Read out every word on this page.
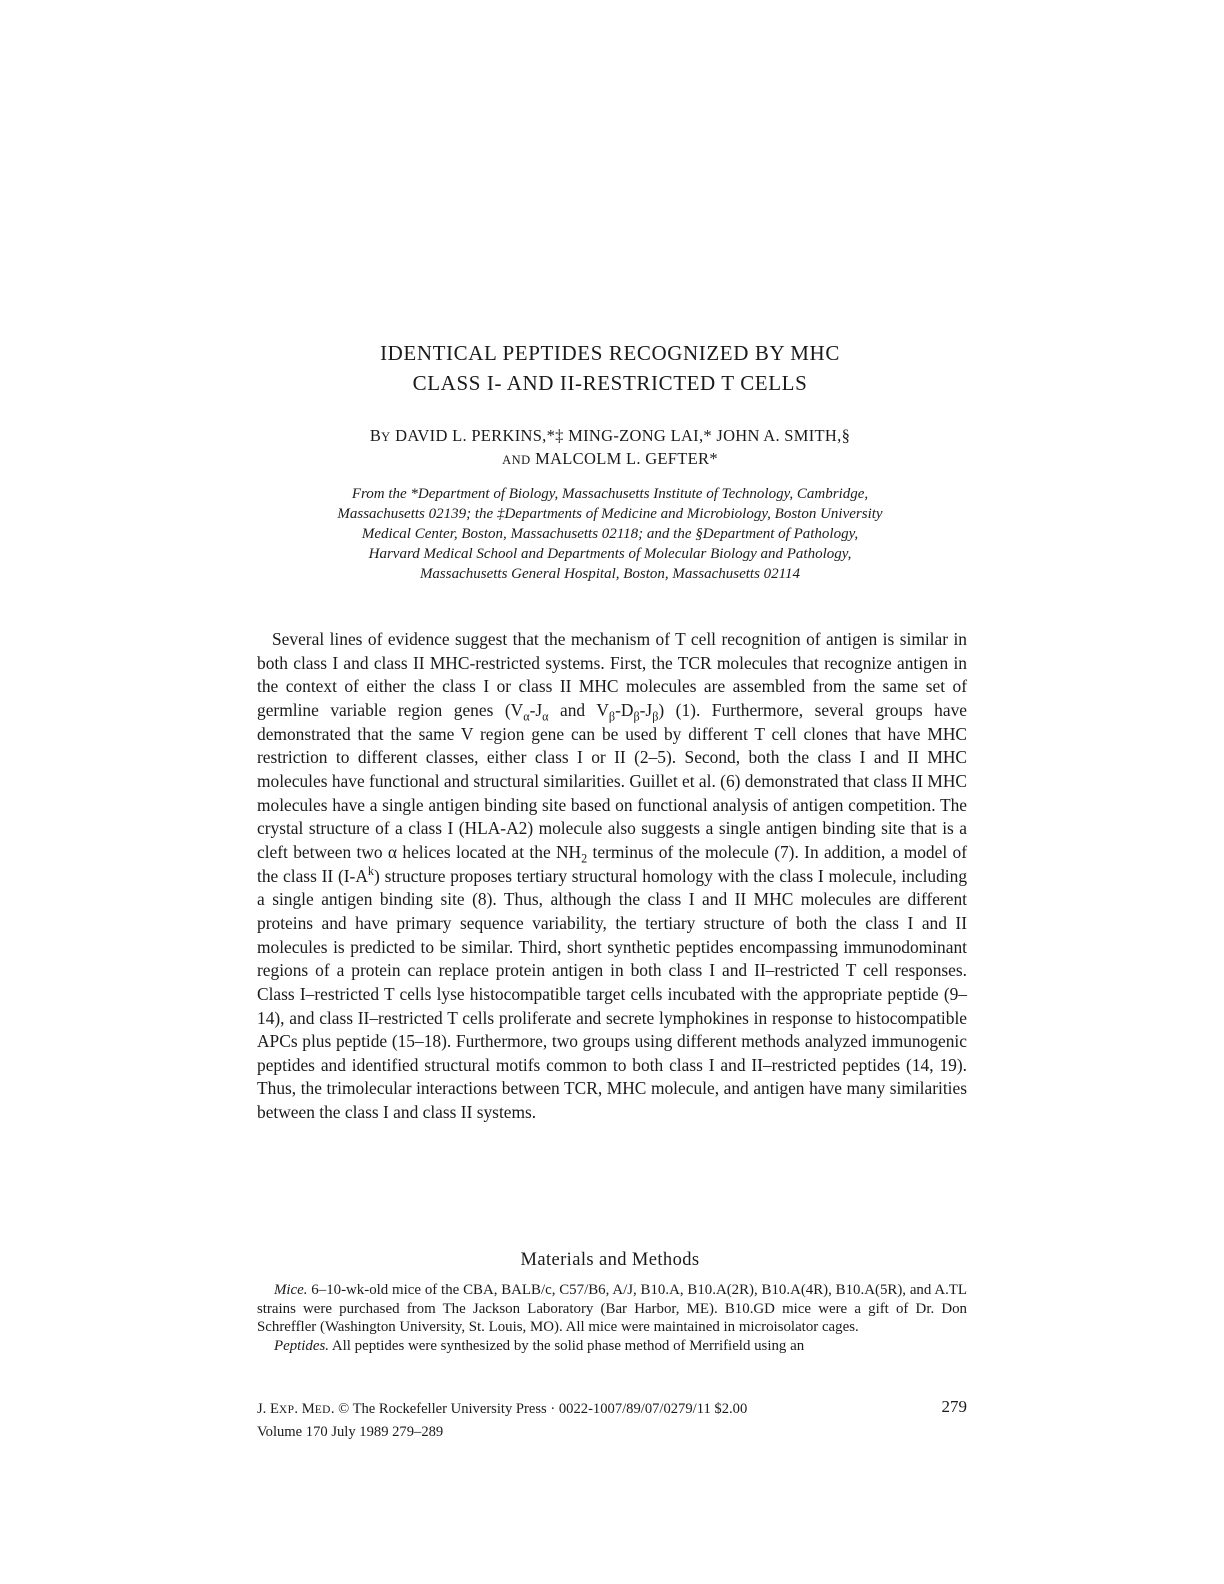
IDENTICAL PEPTIDES RECOGNIZED BY MHC
CLASS I- AND II-RESTRICTED T CELLS
BY DAVID L. PERKINS,*‡ MING-ZONG LAI,* JOHN A. SMITH,§
AND MALCOLM L. GEFTER*
From the *Department of Biology, Massachusetts Institute of Technology, Cambridge,
Massachusetts 02139; the ‡Departments of Medicine and Microbiology, Boston University
Medical Center, Boston, Massachusetts 02118; and the §Department of Pathology,
Harvard Medical School and Departments of Molecular Biology and Pathology,
Massachusetts General Hospital, Boston, Massachusetts 02114

Several lines of evidence suggest that the mechanism of T cell recognition of antigen is similar in both class I and class II MHC-restricted systems. First, the TCR molecules that recognize antigen in the context of either the class I or class II MHC molecules are assembled from the same set of germline variable region genes ($V_\alpha-J_\alpha$ and $V_\beta-D_\beta-J_\beta$) (1). Furthermore, several groups have demonstrated that the same V region gene can be used by different T cell clones that have MHC restriction to different classes, either class I or II (2–5). Second, both the class I and II MHC molecules have functional and structural similarities. Guillet et al. (6) demonstrated that class II MHC molecules have a single antigen binding site based on functional analysis of antigen competition. The crystal structure of a class I (HLA-A2) molecule also suggests a single antigen binding site that is a cleft between two α helices located at the $NH_2$ terminus of the molecule (7). In addition, a model of the class II $(I-A^k)$ structure proposes tertiary structural homology with the class I molecule, including a single antigen binding site (8). Thus, although the class I and II MHC molecules are different proteins and have primary sequence variability, the tertiary structure of both the class I and II molecules is predicted to be similar. Third, short synthetic peptides encompassing immunodominant regions of a protein can replace protein antigen in both class I and II–restricted T cell responses. Class I–restricted T cells lyse histocompatible target cells incubated with the appropriate peptide (9–14), and class II–restricted T cells proliferate and secrete lymphokines in response to histocompatible APCs plus peptide (15–18). Furthermore, two groups using different methods analyzed immunogenic peptides and identified structural motifs common to both class I and II–restricted peptides (14, 19). Thus, the trimolecular interactions between TCR, MHC molecule, and antigen have many similarities between the class I and class II systems.

Materials and Methods

Mice. 6–10-wk-old mice of the CBA, BALB/c, C57/B6, A/J, B10.A, B10.A(2R), B10.A(4R), B10.A(5R), and A.TL strains were purchased from The Jackson Laboratory (Bar Harbor, ME). B10.GD mice were a gift of Dr. Don Schreffler (Washington University, St. Louis, MO). All mice were maintained in microisolator cages.

Peptides. All peptides were synthesized by the solid phase method of Merrifield using an

J. EXP. MED. © The Rockefeller University Press · 0022-1007/89/07/0279/11 $2.00
Volume 170 July 1989 279–289
279
